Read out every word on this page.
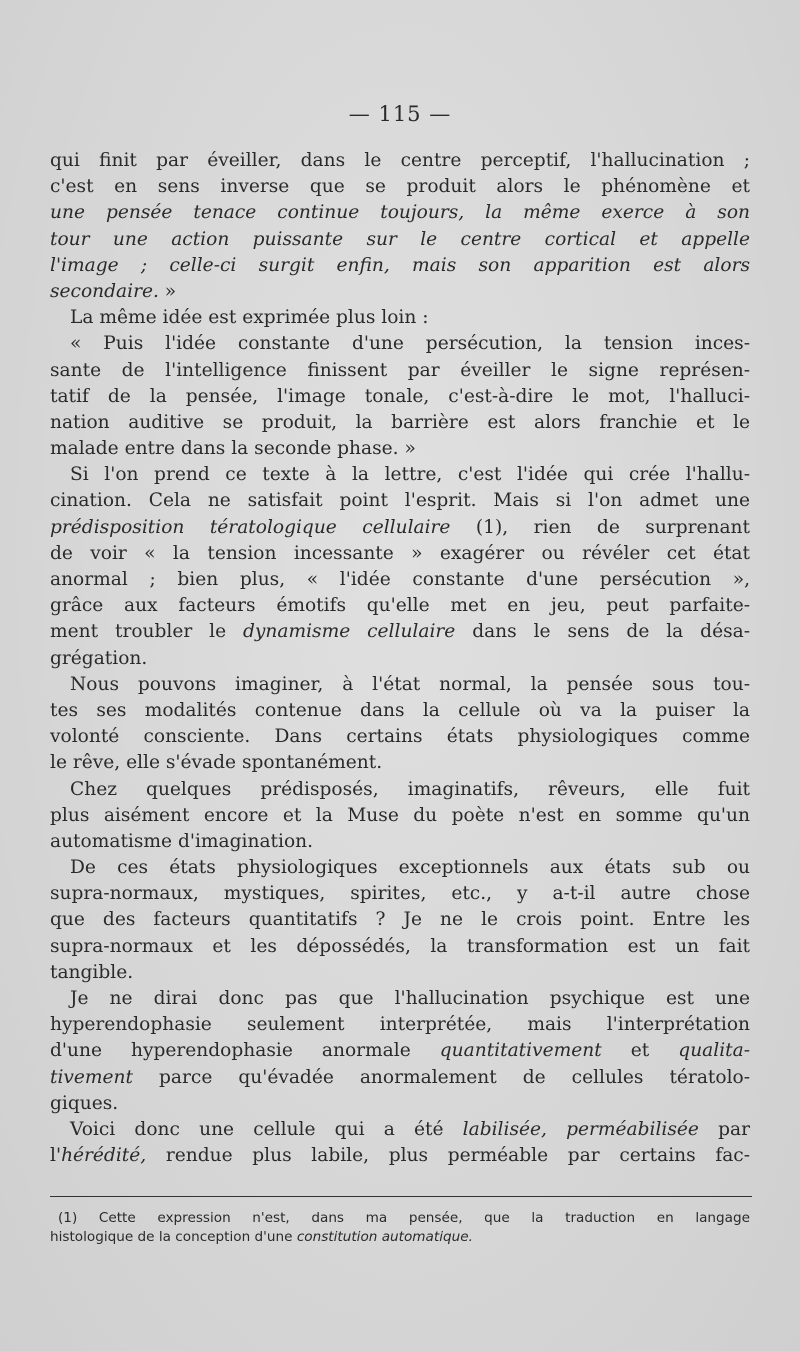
— 115 —
qui finit par éveiller, dans le centre perceptif, l'hallucination ;
c'est en sens inverse que se produit alors le phénomène et
une pensée tenace continue toujours, la même exerce à son
tour une action puissante sur le centre cortical et appelle
l'image ; celle-ci surgit enfin, mais son apparition est alors
secondaire. »
La même idée est exprimée plus loin :
« Puis l'idée constante d'une persécution, la tension inces-
sante de l'intelligence finissent par éveiller le signe représen-
tatif de la pensée, l'image tonale, c'est-à-dire le mot, l'halluci-
nation auditive se produit, la barrière est alors franchie et le
malade entre dans la seconde phase. »
Si l'on prend ce texte à la lettre, c'est l'idée qui crée l'hallu-
cination. Cela ne satisfait point l'esprit. Mais si l'on admet une
prédisposition tératologique cellulaire (1), rien de surprenant
de voir « la tension incessante » exagérer ou révéler cet état
anormal ; bien plus, « l'idée constante d'une persécution »,
grâce aux facteurs émotifs qu'elle met en jeu, peut parfaite-
ment troubler le dynamisme cellulaire dans le sens de la désa-
grégation.
Nous pouvons imaginer, à l'état normal, la pensée sous tou-
tes ses modalités contenue dans la cellule où va la puiser la
volonté consciente. Dans certains états physiologiques comme
le rêve, elle s'évade spontanément.
Chez quelques prédisposés, imaginatifs, rêveurs, elle fuit
plus aisément encore et la Muse du poète n'est en somme qu'un
automatisme d'imagination.
De ces états physiologiques exceptionnels aux états sub ou
supra-normaux, mystiques, spirites, etc., y a-t-il autre chose
que des facteurs quantitatifs ? Je ne le crois point. Entre les
supra-normaux et les dépossédés, la transformation est un fait
tangible.
Je ne dirai donc pas que l'hallucination psychique est une
hyperendophasie seulement interprétée, mais l'interprétation
d'une hyperendophasie anormale quantitativement et qualita-
tivement parce qu'évadée anormalement de cellules tératolo-
giques.
Voici donc une cellule qui a été labilisée, perméabilisée par
l'hérédité, rendue plus labile, plus perméable par certains fac-
(1) Cette expression n'est, dans ma pensée, que la traduction en langage
histologique de la conception d'une constitution automatique.
